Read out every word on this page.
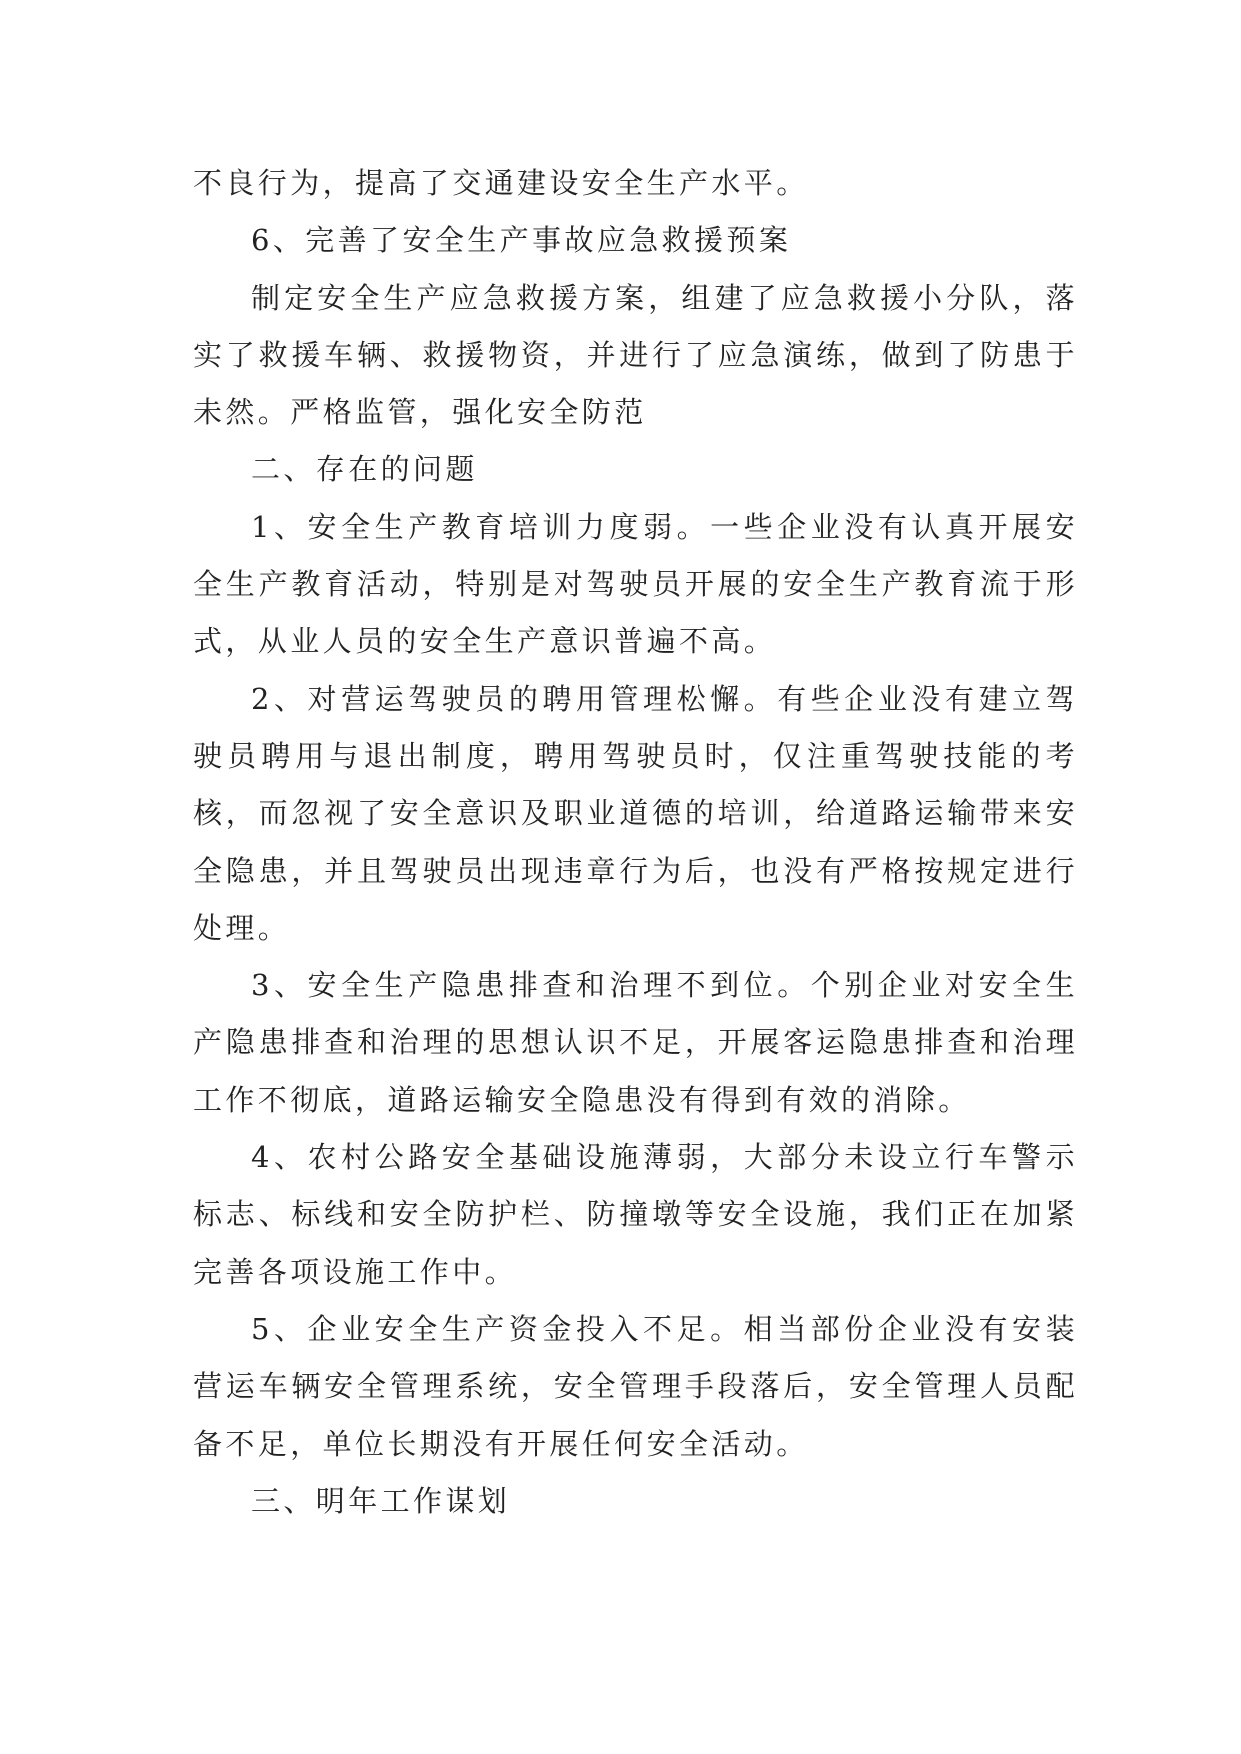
不良行为，提高了交通建设安全生产水平。

6、完善了安全生产事故应急救援预案

制定安全生产应急救援方案，组建了应急救援小分队，落实了救援车辆、救援物资，并进行了应急演练，做到了防患于未然。严格监管，强化安全防范

二、存在的问题

1、安全生产教育培训力度弱。一些企业没有认真开展安全生产教育活动，特别是对驾驶员开展的安全生产教育流于形式，从业人员的安全生产意识普遍不高。

2、对营运驾驶员的聘用管理松懈。有些企业没有建立驾驶员聘用与退出制度，聘用驾驶员时，仅注重驾驶技能的考核，而忽视了安全意识及职业道德的培训，给道路运输带来安全隐患，并且驾驶员出现违章行为后，也没有严格按规定进行处理。

3、安全生产隐患排查和治理不到位。个别企业对安全生产隐患排查和治理的思想认识不足，开展客运隐患排查和治理工作不彻底，道路运输安全隐患没有得到有效的消除。

4、农村公路安全基础设施薄弱，大部分未设立行车警示标志、标线和安全防护栏、防撞墩等安全设施，我们正在加紧完善各项设施工作中。

5、企业安全生产资金投入不足。相当部份企业没有安装营运车辆安全管理系统，安全管理手段落后，安全管理人员配备不足，单位长期没有开展任何安全活动。

三、明年工作谋划
